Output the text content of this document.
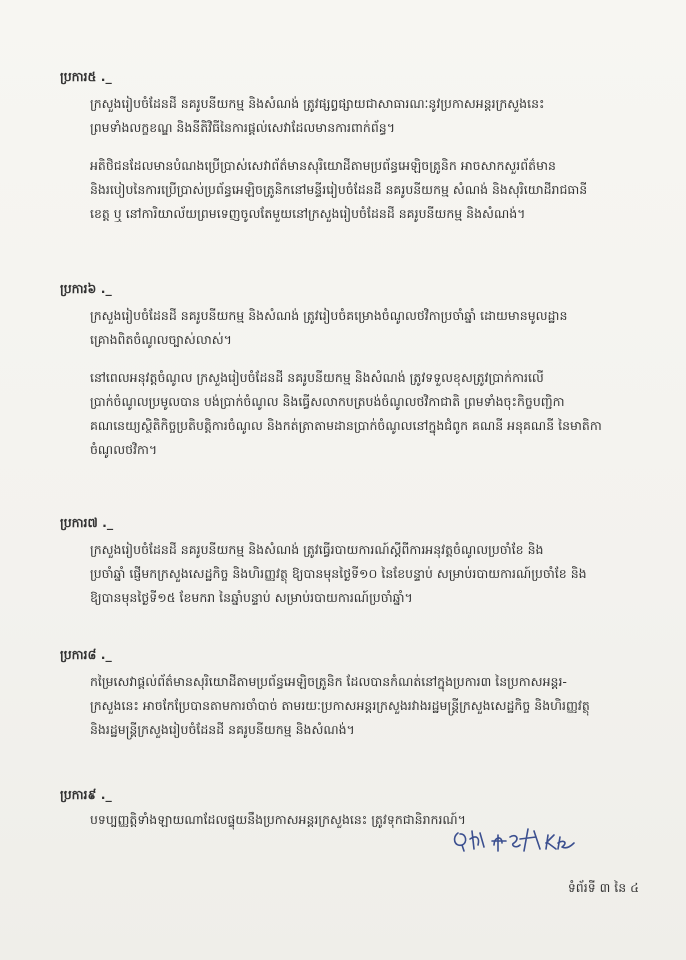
ប្រការ៥ ._
ក្រសួងរៀបចំដែនដី នគរូបនីយកម្ម និងសំណង់ ត្រូវផ្សព្វផ្សាយជាសាធារណៈនូវប្រកាសអន្តរក្រសួងនេះ
ព្រមទាំងលក្ខខណ្ឌ និងនីតិវិធីនៃការផ្តល់សេវាដែលមានការពាក់ព័ន្ធ។
អតិថិជនដែលមានបំណងប្រើប្រាស់សេវាព័ត៌មានសុរិយោដីតាមប្រព័ន្ធអេឡិចត្រូនិក អាចសាកសួរព័ត៌មាន
និងរបៀបនៃការប្រើប្រាស់ប្រព័ន្ធអេឡិចត្រូនិកនៅមន្ទីររៀបចំដែនដី នគរូបនីយកម្ម សំណង់ និងសុរិយោដីរាជធានី
ខេត្ត ឬ នៅការិយាល័យព្រមទេញចូលតែមួយនៅក្រសួងរៀបចំដែនដី នគរូបនីយកម្ម និងសំណង់។
ប្រការ៦ ._
ក្រសួងរៀបចំដែនដី នគរូបនីយកម្ម និងសំណង់ ត្រូវរៀបចំគម្រោងចំណូលថវិកាប្រចាំឆ្នាំ ដោយមានមូលដ្ឋាន
គ្រោងពិតចំណូលច្បាស់លាស់។
នៅពេលអនុវត្តចំណូល ក្រសួងរៀបចំដែនដី នគរូបនីយកម្ម និងសំណង់ ត្រូវទទួលខុសត្រូវប្រាក់ការលើ
ប្រាក់ចំណូលប្រមូលបាន បង់ប្រាក់ចំណូល និងធ្វើសលាកបត្របង់ចំណូលថវិកាជាតិ ព្រមទាំងចុះកិច្ចបញ្ជិកា
គណនេយ្យស្ថិតិកិច្ចប្រតិបត្តិការចំណូល និងកត់ត្រាតាមដានប្រាក់ចំណូលនៅក្នុងជំពូក គណនី អនុគណនី នៃមាតិកា
ចំណូលថវិកា។
ប្រការ៧ ._
ក្រសួងរៀបចំដែនដី នគរូបនីយកម្ម និងសំណង់ ត្រូវធ្វើរបាយការណ៍ស្តីពីការអនុវត្តចំណូលប្រចាំខែ និង
ប្រចាំឆ្នាំ ផ្ញើមកក្រសួងសេដ្ឋកិច្ច និងហិរញ្ញវត្ថុ ឱ្យបានមុនថ្ងៃទី១០ នៃខែបន្ទាប់ សម្រាប់របាយការណ៍ប្រចាំខែ និង
ឱ្យបានមុនថ្ងៃទី១៥ ខែមករា នៃឆ្នាំបន្ទាប់ សម្រាប់របាយការណ៍ប្រចាំឆ្នាំ។
ប្រការ៨ ._
កម្រៃសេវាផ្តល់ព័ត៌មានសុរិយោដីតាមប្រព័ន្ធអេឡិចត្រូនិក ដែលបានកំណត់នៅក្នុងប្រការ៣ នៃប្រកាសអន្តរ-
ក្រសួងនេះ អាចកែប្រែបានតាមការចាំបាច់ តាមរយៈប្រកាសអន្តរក្រសួងរវាងរដ្ឋមន្ត្រីក្រសួងសេដ្ឋកិច្ច និងហិរញ្ញវត្ថុ
និងរដ្ឋមន្ត្រីក្រសួងរៀបចំដែនដី នគរូបនីយកម្ម និងសំណង់។
ប្រការ៩ ._
បទប្បញ្ញត្តិទាំងឡាយណាដែលផ្ទុយនឹងប្រកាសអន្តរក្រសួងនេះ ត្រូវទុកជានិរាករណ៍។
ទំព័រទី ៣ នៃ ៤
